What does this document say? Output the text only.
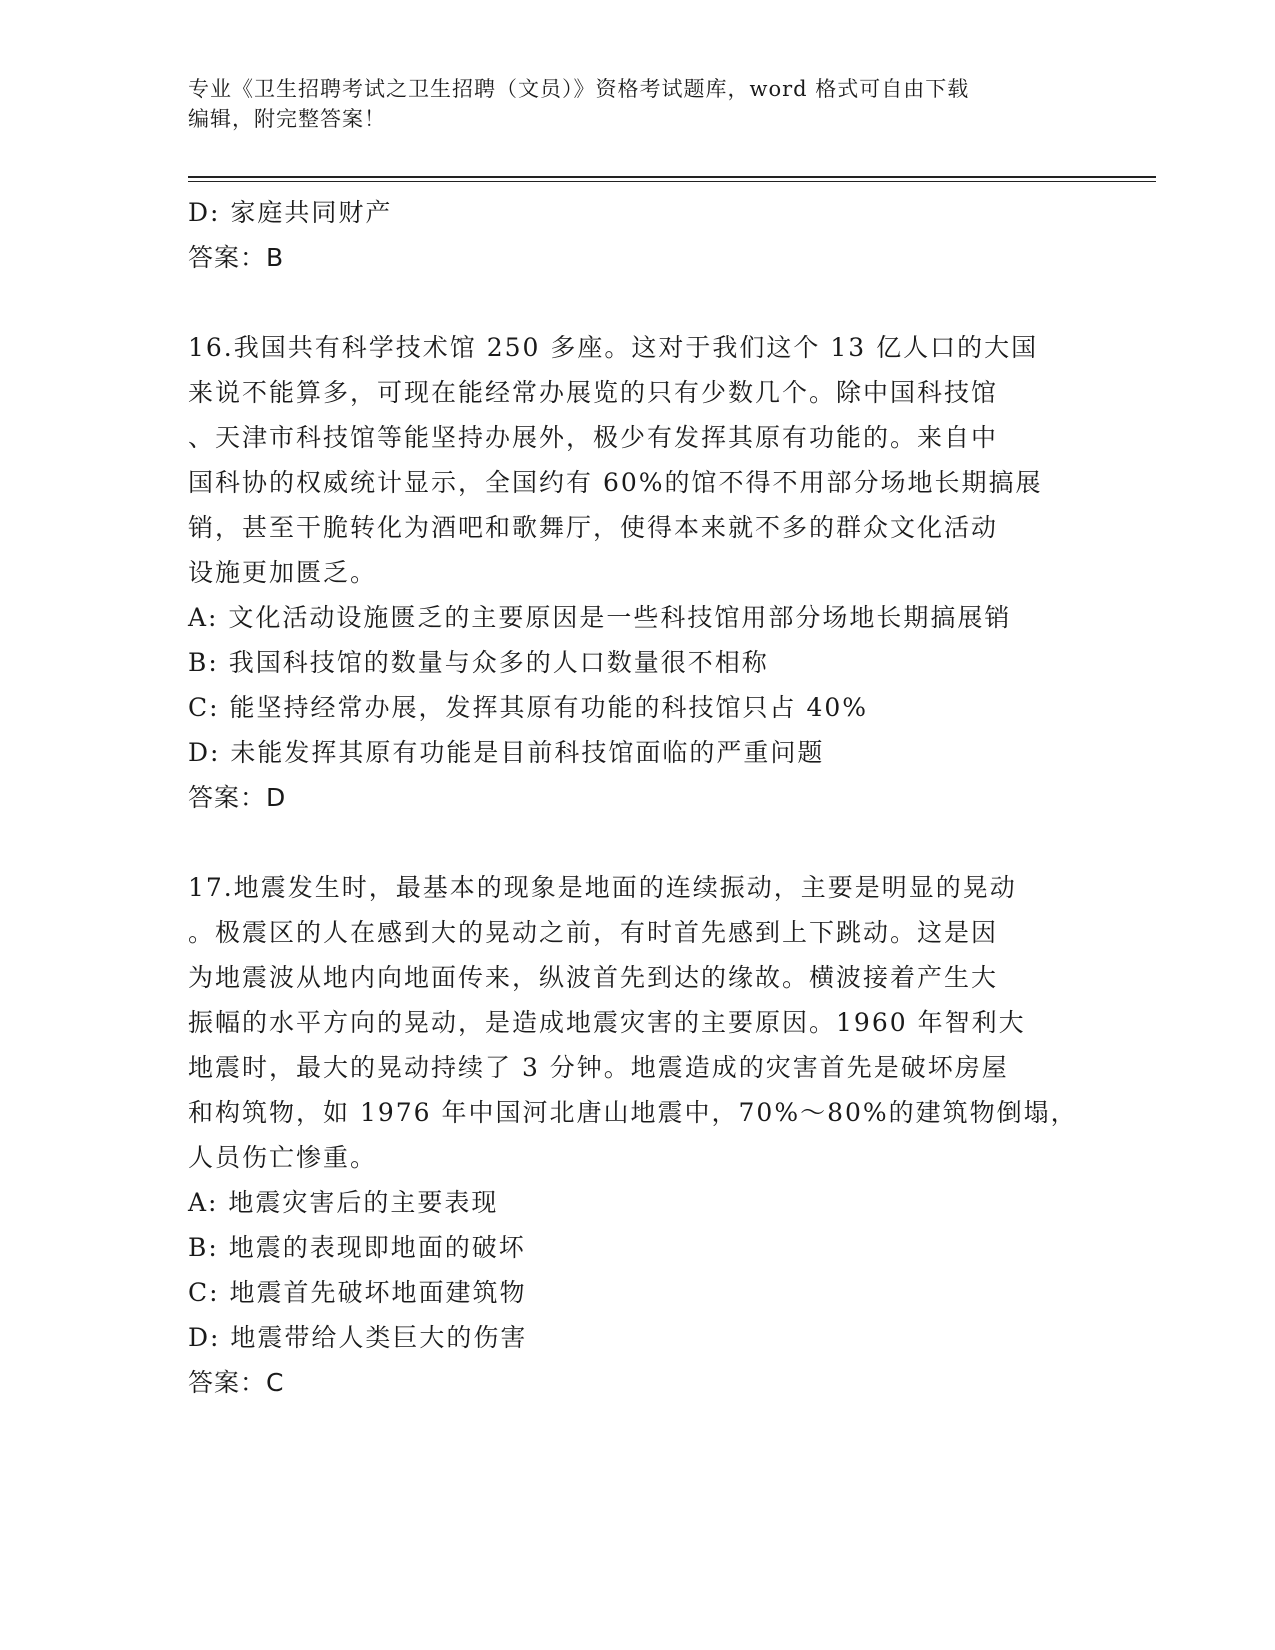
专业《卫生招聘考试之卫生招聘（文员）》资格考试题库，word 格式可自由下载
编辑，附完整答案！
D: 家庭共同财产
答案：B
16.我国共有科学技术馆 250 多座。这对于我们这个 13 亿人口的大国
来说不能算多，可现在能经常办展览的只有少数几个。除中国科技馆
、天津市科技馆等能坚持办展外，极少有发挥其原有功能的。来自中
国科协的权威统计显示，全国约有 60%的馆不得不用部分场地长期搞展
销，甚至干脆转化为酒吧和歌舞厅，使得本来就不多的群众文化活动
设施更加匮乏。
A: 文化活动设施匮乏的主要原因是一些科技馆用部分场地长期搞展销
B: 我国科技馆的数量与众多的人口数量很不相称
C: 能坚持经常办展，发挥其原有功能的科技馆只占 40%
D: 未能发挥其原有功能是目前科技馆面临的严重问题
答案：D
17.地震发生时，最基本的现象是地面的连续振动，主要是明显的晃动
。极震区的人在感到大的晃动之前，有时首先感到上下跳动。这是因
为地震波从地内向地面传来，纵波首先到达的缘故。横波接着产生大
振幅的水平方向的晃动，是造成地震灾害的主要原因。1960 年智利大
地震时，最大的晃动持续了 3 分钟。地震造成的灾害首先是破坏房屋
和构筑物，如 1976 年中国河北唐山地震中，70%～80%的建筑物倒塌，
人员伤亡惨重。
A: 地震灾害后的主要表现
B: 地震的表现即地面的破坏
C: 地震首先破坏地面建筑物
D: 地震带给人类巨大的伤害
答案：C
